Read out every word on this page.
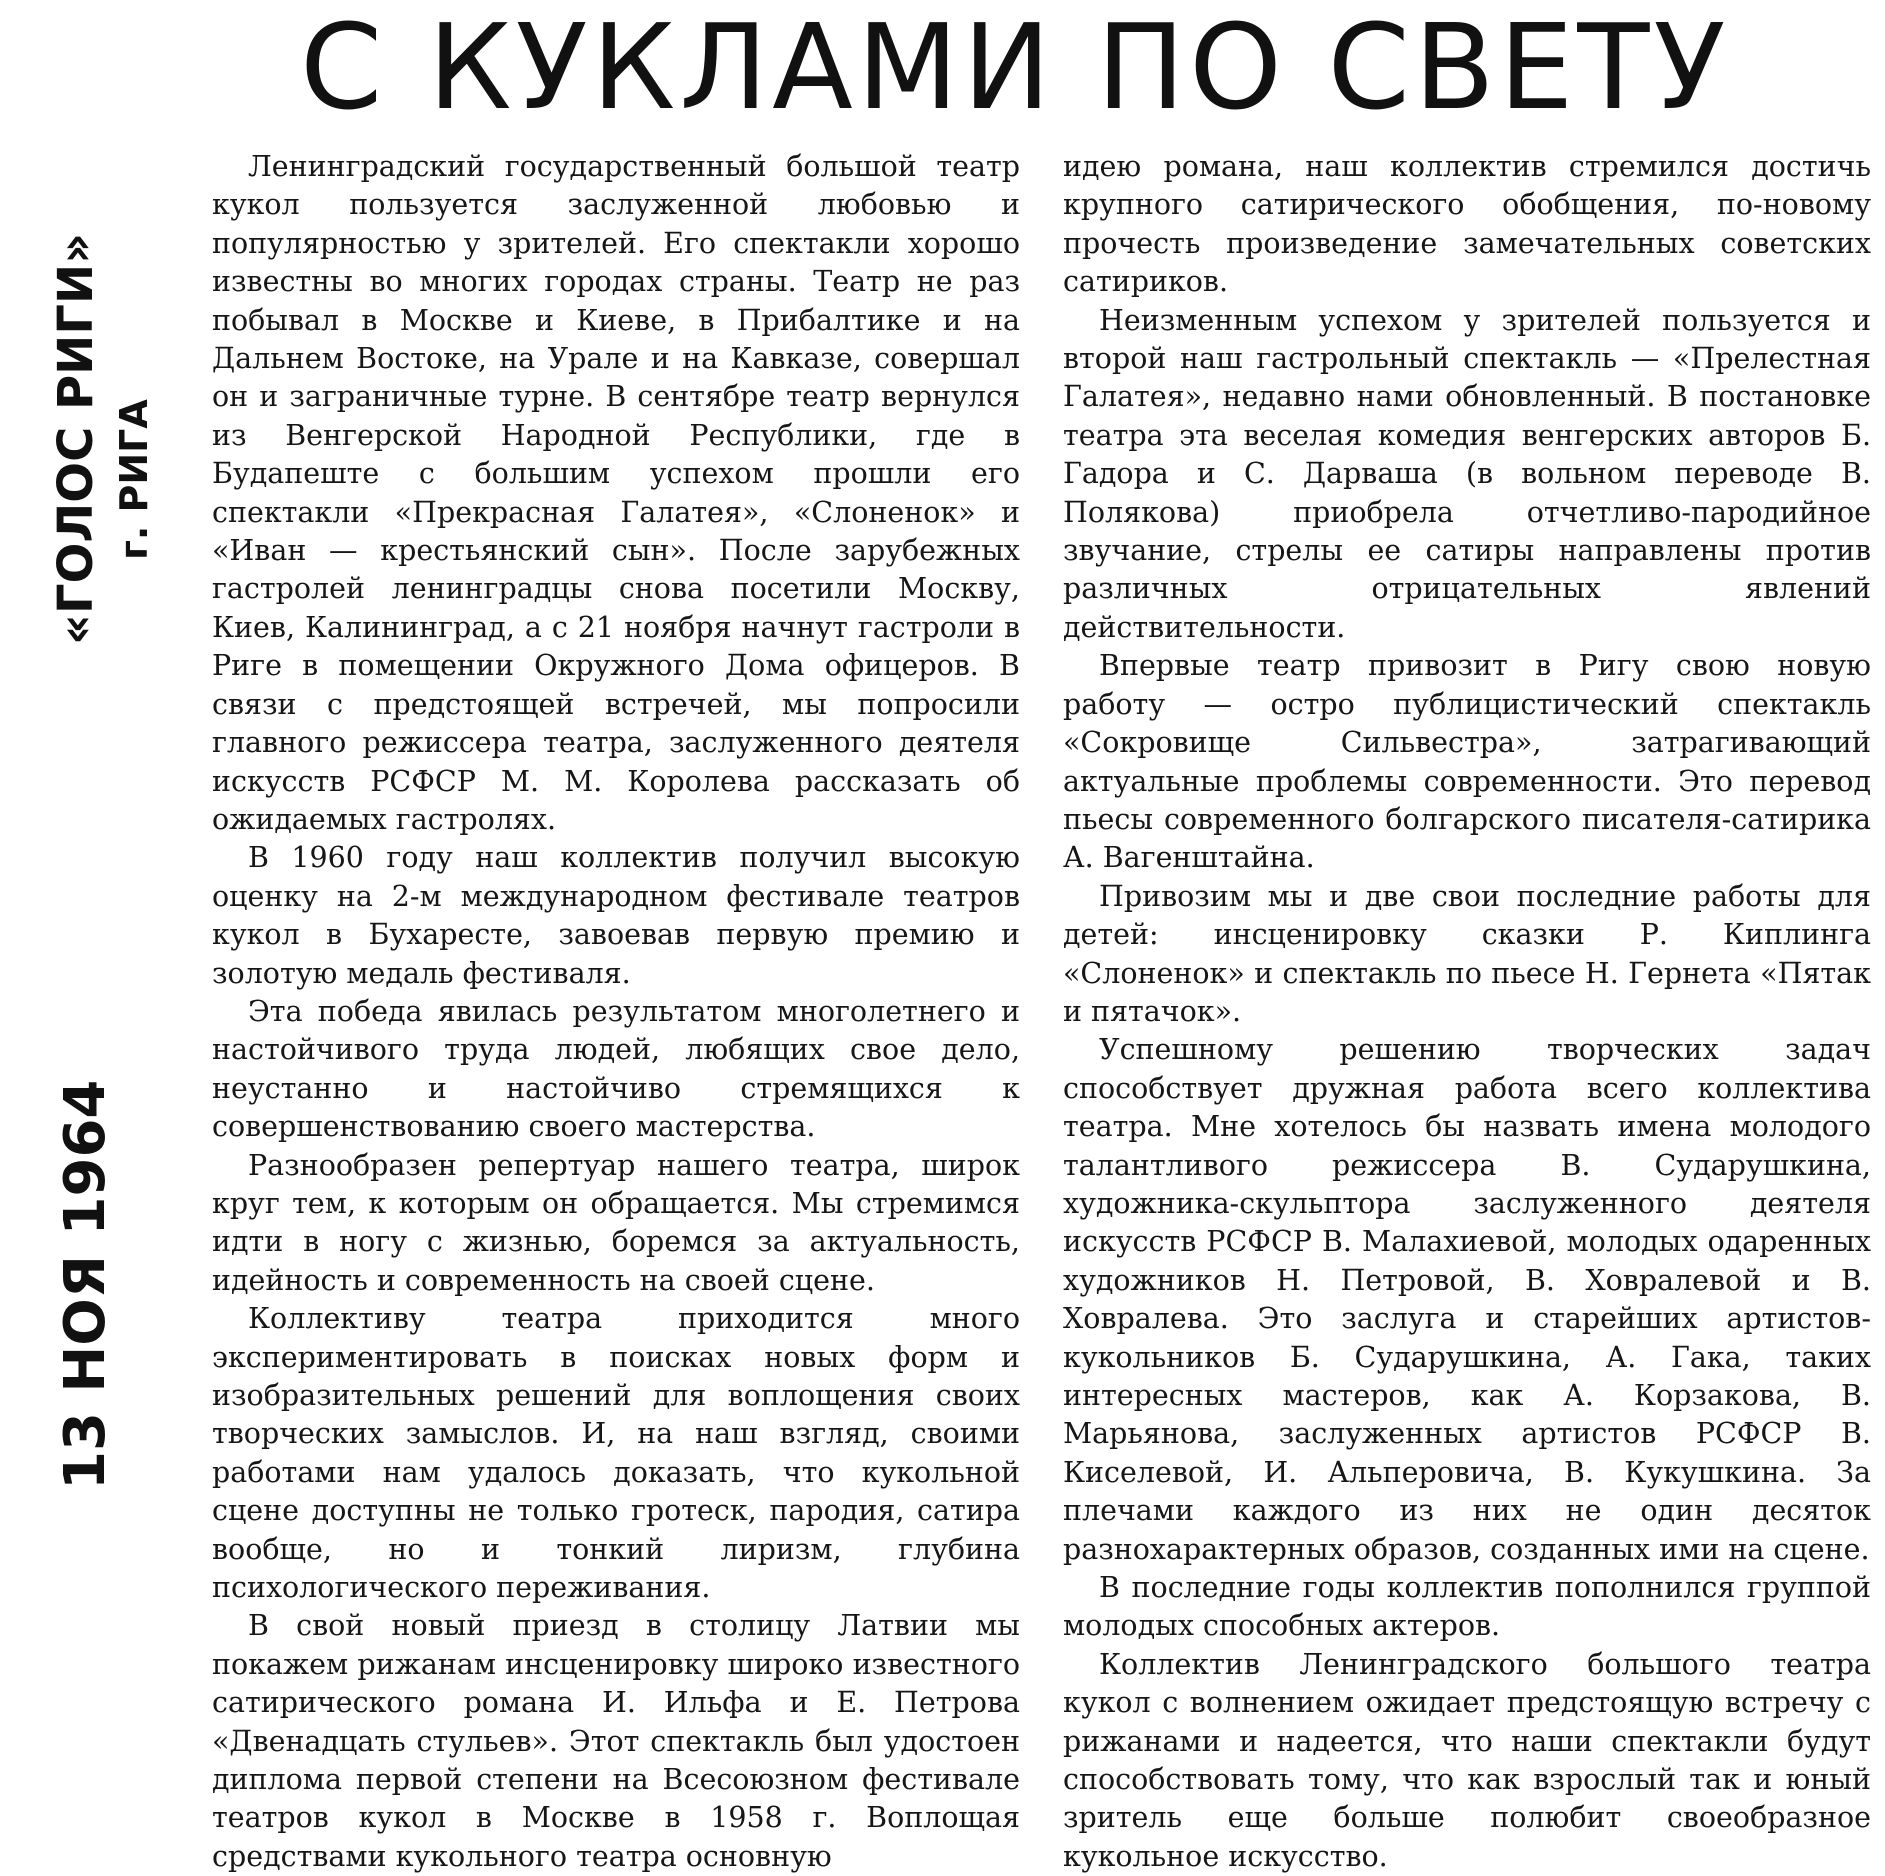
С КУКЛАМИ ПО СВЕТУ
13 НОЯ 1964
«ГОЛОС РИГИ» г. РИГА

Ленинградский государственный большой театр кукол пользуется заслуженной любовью и популярностью у зрителей. Его спектакли хорошо известны во многих городах страны. Театр не раз побывал в Москве и Киеве, в Прибалтике и на Дальнем Востоке, на Урале и на Кавказе, совершал он и заграничные турне. В сентябре театр вернулся из Венгерской Народной Республики, где в Будапеште с большим успехом прошли его спектакли «Прекрасная Галатея», «Слоненок» и «Иван — крестьянский сын». После зарубежных гастролей ленинградцы снова посетили Москву, Киев, Калининград, а с 21 ноября начнут гастроли в Риге в помещении Окружного Дома офицеров. В связи с предстоящей встречей, мы попросили главного режиссера театра, заслуженного деятеля искусств РСФСР М. М. Королева рассказать об ожидаемых гастролях.

В 1960 году наш коллектив получил высокую оценку на 2-м международном фестивале театров кукол в Бухаресте, завоевав первую премию и золотую медаль фестиваля.

Эта победа явилась результатом многолетнего и настойчивого труда людей, любящих свое дело, неустанно и настойчиво стремящихся к совершенствованию своего мастерства.

Разнообразен репертуар нашего театра, широк круг тем, к которым он обращается. Мы стремимся идти в ногу с жизнью, боремся за актуальность, идейность и современность на своей сцене.

Коллективу театра приходится много экспериментировать в поисках новых форм и изобразительных решений для воплощения своих творческих замыслов. И, на наш взгляд, своими работами нам удалось доказать, что кукольной сцене доступны не только гротеск, пародия, сатира вообще, но и тонкий лиризм, глубина психологического переживания.

В свой новый приезд в столицу Латвии мы покажем рижанам инсценировку широко известного сатирического романа И. Ильфа и Е. Петрова «Двенадцать стульев». Этот спектакль был удостоен диплома первой степени на Всесоюзном фестивале театров кукол в Москве в 1958 г. Воплощая средствами кукольного театра основную

идею романа, наш коллектив стремился достичь крупного сатирического обобщения, по-новому прочесть произведение замечательных советских сатириков.

Неизменным успехом у зрителей пользуется и второй наш гастрольный спектакль — «Прелестная Галатея», недавно нами обновленный. В постановке театра эта веселая комедия венгерских авторов Б. Гадора и С. Дарваша (в вольном переводе В. Полякова) приобрела отчетливо-пародийное звучание, стрелы ее сатиры направлены против различных отрицательных явлений действительности.

Впервые театр привозит в Ригу свою новую работу — остро публицистический спектакль «Сокровище Сильвестра», затрагивающий актуальные проблемы современности. Это перевод пьесы современного болгарского писателя-сатирика А. Вагенштайна.

Привозим мы и две свои последние работы для детей: инсценировку сказки Р. Киплинга «Слоненок» и спектакль по пьесе Н. Гернета «Пятак и пятачок».

Успешному решению творческих задач способствует дружная работа всего коллектива театра. Мне хотелось бы назвать имена молодого талантливого режиссера В. Сударушкина, художника-скульптора заслуженного деятеля искусств РСФСР В. Малахиевой, молодых одаренных художников Н. Петровой, В. Ховралевой и В. Ховралева. Это заслуга и старейших артистов-кукольников Б. Сударушкина, А. Гака, таких интересных мастеров, как А. Корзакова, В. Марьянова, заслуженных артистов РСФСР В. Киселевой, И. Альперовича, В. Кукушкина. За плечами каждого из них не один десяток разнохарактерных образов, созданных ими на сцене.

В последние годы коллектив пополнился группой молодых способных актеров.

Коллектив Ленинградского большого театра кукол с волнением ожидает предстоящую встречу с рижанами и надеется, что наши спектакли будут способствовать тому, что как взрослый так и юный зритель еще больше полюбит своеобразное кукольное искусство.
